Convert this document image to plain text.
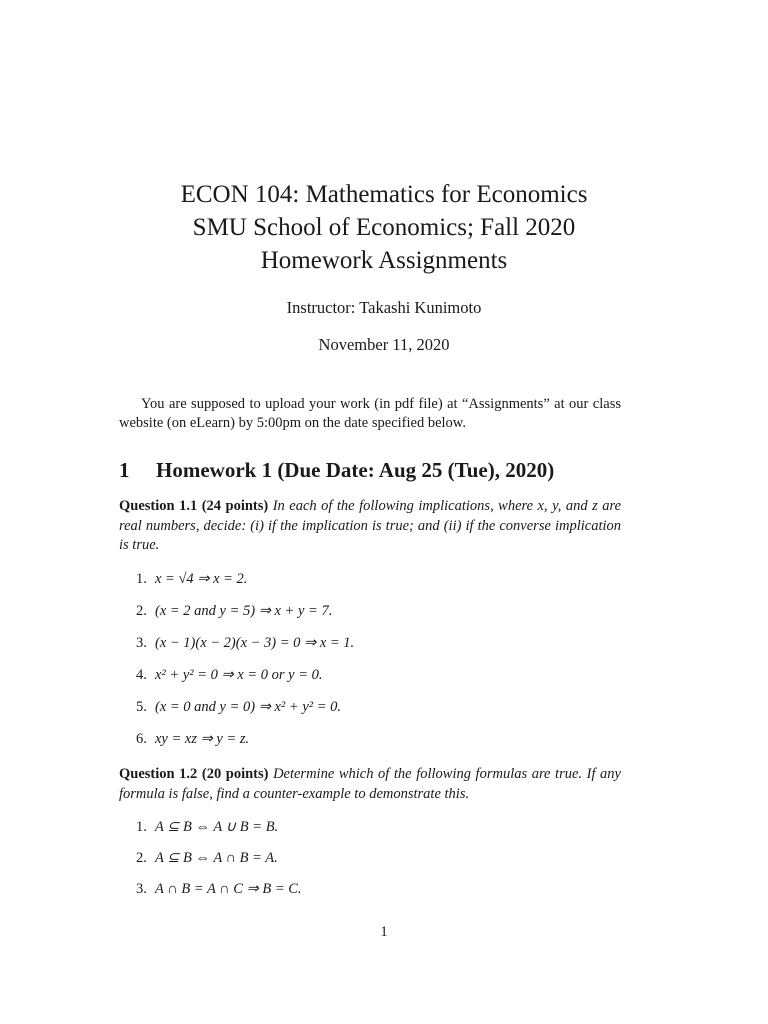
ECON 104: Mathematics for Economics
SMU School of Economics; Fall 2020
Homework Assignments
Instructor: Takashi Kunimoto
November 11, 2020
You are supposed to upload your work (in pdf file) at “Assignments” at our class website (on eLearn) by 5:00pm on the date specified below.
1 Homework 1 (Due Date: Aug 25 (Tue), 2020)
Question 1.1 (24 points) In each of the following implications, where x, y, and z are real numbers, decide: (i) if the implication is true; and (ii) if the converse implication is true.
1. x = √4 ⇒ x = 2.
2. (x = 2 and y = 5) ⇒ x + y = 7.
3. (x − 1)(x − 2)(x − 3) = 0 ⇒ x = 1.
4. x² + y² = 0 ⇒ x = 0 or y = 0.
5. (x = 0 and y = 0) ⇒ x² + y² = 0.
6. xy = xz ⇒ y = z.
Question 1.2 (20 points) Determine which of the following formulas are true. If any formula is false, find a counter-example to demonstrate this.
1. A ⊆ B ⇔ A ∪ B = B.
2. A ⊆ B ⇔ A ∩ B = A.
3. A ∩ B = A ∩ C ⇒ B = C.
1
